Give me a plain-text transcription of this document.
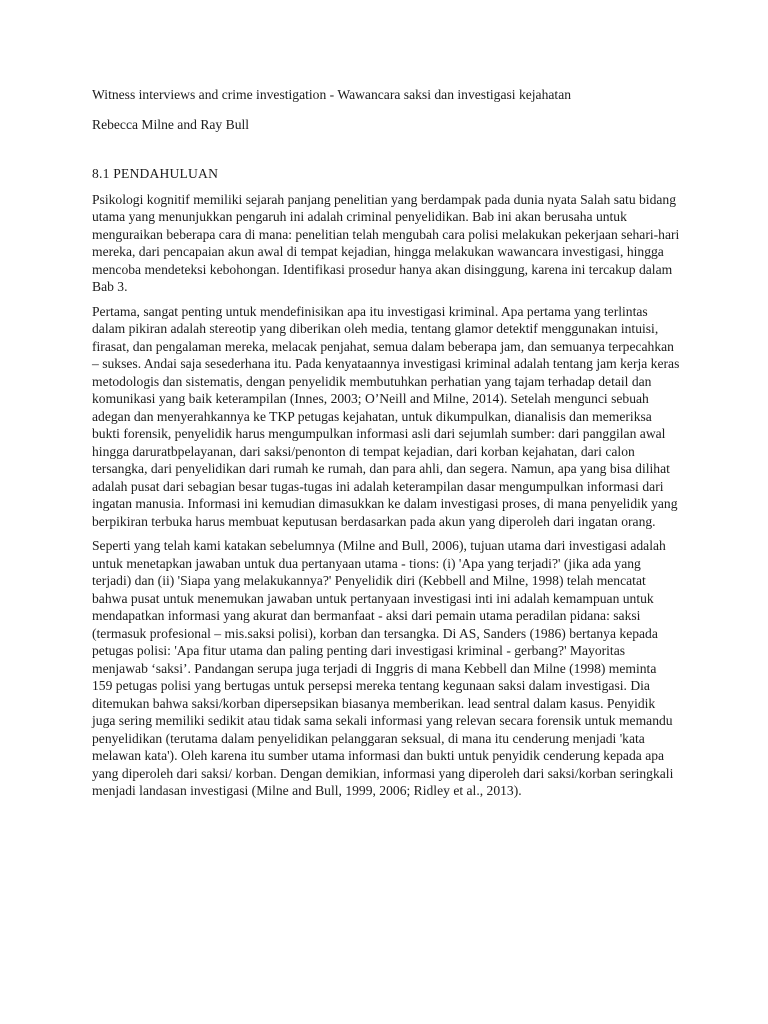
Witness interviews and crime investigation - Wawancara saksi dan investigasi kejahatan
Rebecca Milne and Ray Bull
8.1 PENDAHULUAN

Psikologi kognitif memiliki sejarah panjang penelitian yang berdampak pada dunia nyata Salah satu bidang utama yang menunjukkan pengaruh ini adalah criminal penyelidikan. Bab ini akan berusaha untuk menguraikan beberapa cara di mana: penelitian telah mengubah cara polisi melakukan pekerjaan sehari-hari mereka, dari pencapaian akun awal di tempat kejadian, hingga melakukan wawancara investigasi, hingga mencoba mendeteksi kebohongan. Identifikasi prosedur hanya akan disinggung, karena ini tercakup dalam Bab 3.

Pertama, sangat penting untuk mendefinisikan apa itu investigasi kriminal. Apa pertama yang terlintas dalam pikiran adalah stereotip yang diberikan oleh media, tentang glamor detektif menggunakan intuisi, firasat, dan pengalaman mereka, melacak penjahat, semua dalam beberapa jam, dan semuanya terpecahkan – sukses. Andai saja sesederhana itu. Pada kenyataannya investigasi kriminal adalah tentang jam kerja keras metodologis dan sistematis, dengan penyelidik membutuhkan perhatian yang tajam terhadap detail dan komunikasi yang baik keterampilan (Innes, 2003; O’Neill and Milne, 2014). Setelah mengunci sebuah adegan dan menyerahkannya ke TKP petugas kejahatan, untuk dikumpulkan, dianalisis dan memeriksa bukti forensik, penyelidik harus mengumpulkan informasi asli dari sejumlah sumber: dari panggilan awal hingga daruratbpelayanan, dari saksi/penonton di tempat kejadian, dari korban kejahatan, dari calon tersangka, dari penyelidikan dari rumah ke rumah, dan para ahli, dan segera. Namun, apa yang bisa dilihat adalah pusat dari sebagian besar tugas-tugas ini adalah keterampilan dasar mengumpulkan informasi dari ingatan manusia. Informasi ini kemudian dimasukkan ke dalam investigasi proses, di mana penyelidik yang berpikiran terbuka harus membuat keputusan berdasarkan pada akun yang diperoleh dari ingatan orang.

Seperti yang telah kami katakan sebelumnya (Milne and Bull, 2006), tujuan utama dari investigasi adalah untuk menetapkan jawaban untuk dua pertanyaan utama - tions: (i) 'Apa yang terjadi?' (jika ada yang terjadi) dan (ii) 'Siapa yang melakukannya?' Penyelidik diri (Kebbell and Milne, 1998) telah mencatat bahwa pusat untuk menemukan jawaban untuk pertanyaan investigasi inti ini adalah kemampuan untuk mendapatkan informasi yang akurat dan bermanfaat - aksi dari pemain utama peradilan pidana: saksi (termasuk profesional – mis.saksi polisi), korban dan tersangka. Di AS, Sanders (1986) bertanya kepada petugas polisi: 'Apa fitur utama dan paling penting dari investigasi kriminal - gerbang?' Mayoritas menjawab ‘saksi’. Pandangan serupa juga terjadi di Inggris di mana Kebbell dan Milne (1998) meminta 159 petugas polisi yang bertugas untuk persepsi mereka tentang kegunaan saksi dalam investigasi. Dia ditemukan bahwa saksi/korban dipersepsikan biasanya memberikan. lead sentral dalam kasus. Penyidik juga sering memiliki sedikit atau tidak sama sekali informasi yang relevan secara forensik untuk memandu penyelidikan (terutama dalam penyelidikan pelanggaran seksual, di mana itu cenderung menjadi 'kata melawan kata'). Oleh karena itu sumber utama informasi dan bukti untuk penyidik cenderung kepada apa yang diperoleh dari saksi/ korban. Dengan demikian, informasi yang diperoleh dari saksi/korban seringkali menjadi landasan investigasi (Milne and Bull, 1999, 2006; Ridley et al., 2013).
